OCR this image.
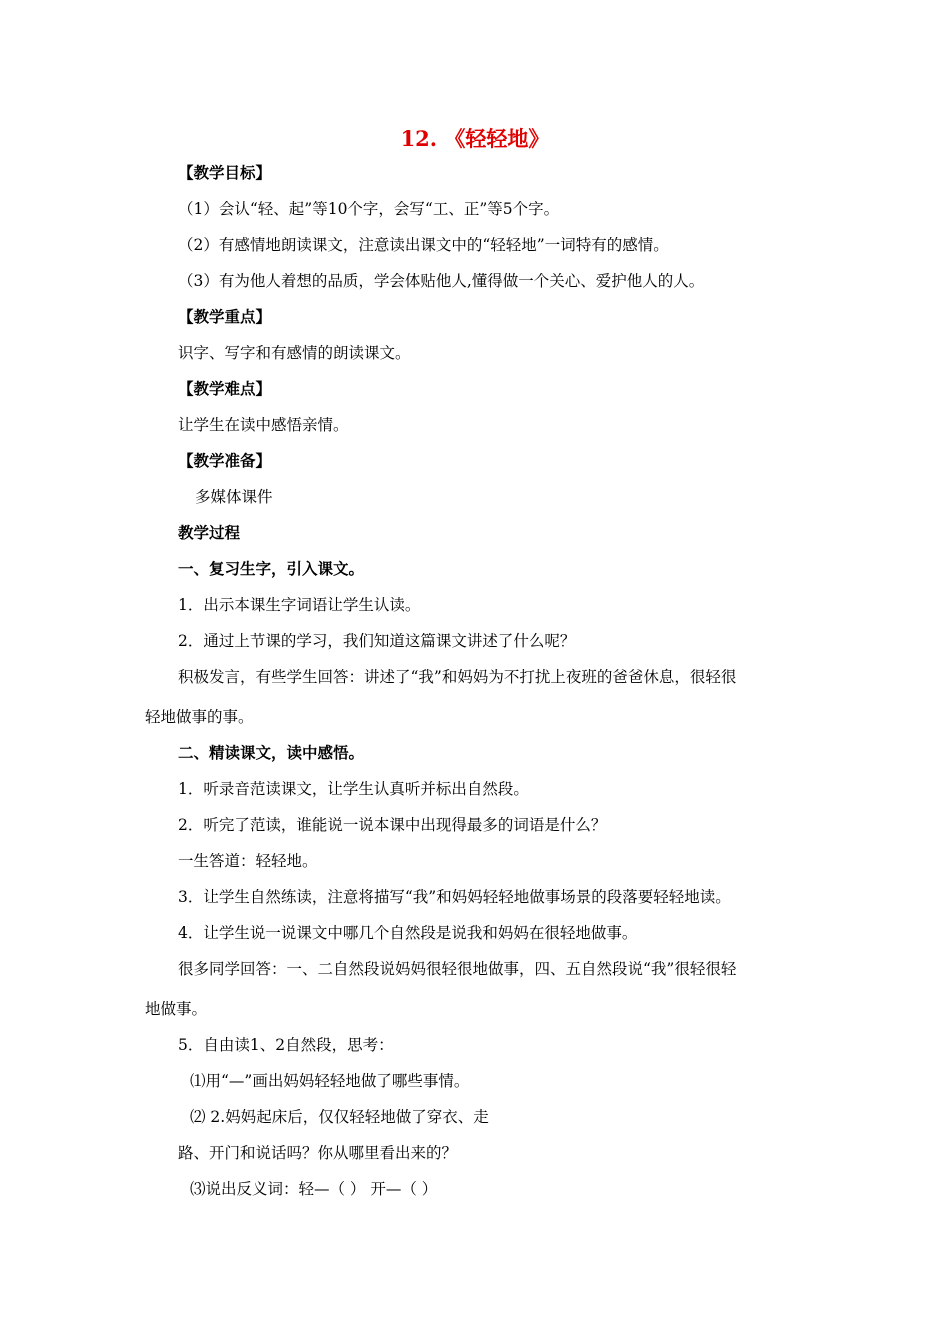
12. 《轻轻地》
【教学目标】
（1）会认“轻、起”等10个字，会写“工、正”等5个字。
（2）有感情地朗读课文，注意读出课文中的“轻轻地”一词特有的感情。
（3）有为他人着想的品质，学会体贴他人,懂得做一个关心、爱护他人的人。
【教学重点】
识字、写字和有感情的朗读课文。
【教学难点】
让学生在读中感悟亲情。
【教学准备】
多媒体课件
教学过程
一、复习生字，引入课文。
1．出示本课生字词语让学生认读。
2．通过上节课的学习，我们知道这篇课文讲述了什么呢？
积极发言，有些学生回答：讲述了“我”和妈妈为不打扰上夜班的爸爸休息，很轻很
轻地做事的事。
二、精读课文，读中感悟。
1．听录音范读课文，让学生认真听并标出自然段。
2．听完了范读，谁能说一说本课中出现得最多的词语是什么？
一生答道：轻轻地。
3．让学生自然练读，注意将描写“我”和妈妈轻轻地做事场景的段落要轻轻地读。
4．让学生说一说课文中哪几个自然段是说我和妈妈在很轻地做事。
很多同学回答：一、二自然段说妈妈很轻很地做事，四、五自然段说“我”很轻很轻
地做事。
5．自由读1、2自然段，思考：
⑴用“—”画出妈妈轻轻地做了哪些事情。
⑵ 2.妈妈起床后，仅仅轻轻地做了穿衣、走
路、开门和说话吗？你从哪里看出来的？
⑶说出反义词：轻—（ ） 开—（ ）
